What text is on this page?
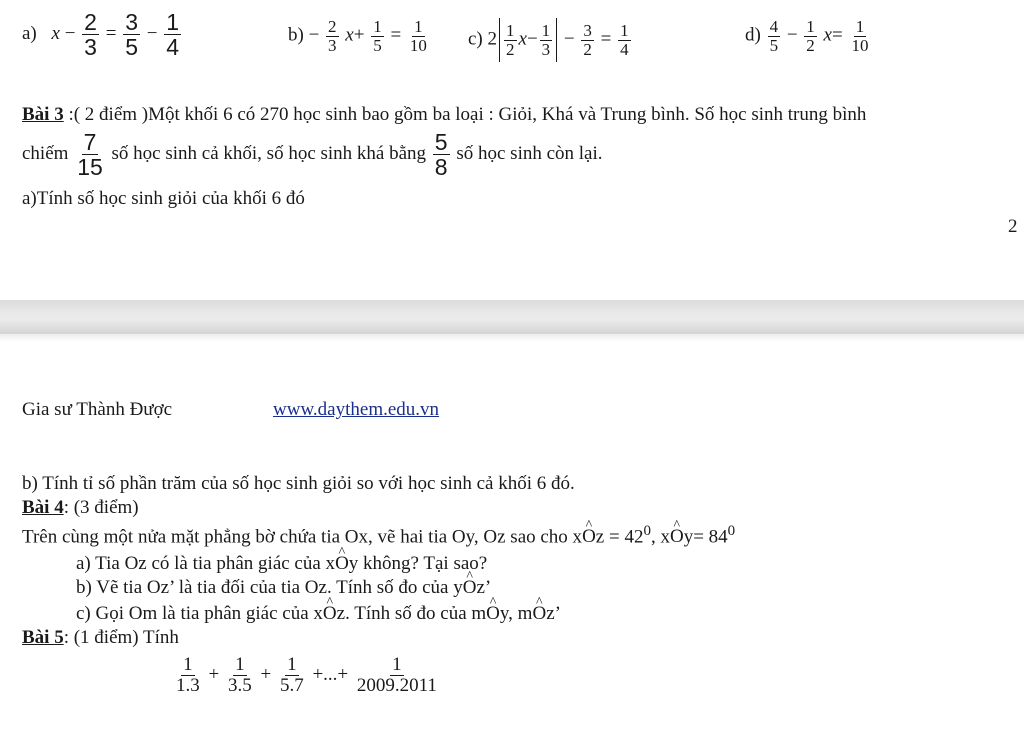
a) $x - \frac{2}{3} = \frac{3}{5} - \frac{1}{4}$	$b) - \frac{2}{3} x+ \frac{1}{5} = \frac{1}{10} c$) $2 \frac{1}{2} x- \frac{1}{3} - \frac{3}{2} = \frac{1}{4}$	$d) \frac{4}{5} - \frac{1}{2} x= \frac{1}{10}$
Bài 3 :( 2 điểm )Một khối 6 có 270 học sinh bao gồm ba loại : Giỏi, Khá và Trung bình. Số học sinh trung bình
chiếm $\frac{7}{15}$ số học sinh cả khối, số học sinh khá bằng $\frac{5}{8}$ số học sinh còn lại.
a)Tính số học sinh giỏi của khối 6 đó
2
Gia sư Thành Được	www.daythem.edu.vn
b) Tính tỉ số phần trăm của số học sinh giỏi so với học sinh cả khối 6 đó.
Bài 4: (3 điểm)
Trên cùng một nửa mặt phẳng bờ chứa tia Ox, vẽ hai tia Oy, Oz sao cho x^ $Oz = 42^0$, x^ $Oy= 84^0$
a) Tia Oz có là tia phân giác của x^ Oy không? Tại sao?
b) Vẽ tia Oz’ là tia đối của tia Oz. Tính số đo của y^ Oz’
c) Gọi Om là tia phân giác của x^ Oz. Tính số đo của m^ Oy, m^ Oz’
Bài 5: (1 điểm) Tính
$\frac{1}{1.3} + \frac{1}{3.5} + \frac{1}{5.7}$ +...+ $\frac{1}{2009.2011}$
